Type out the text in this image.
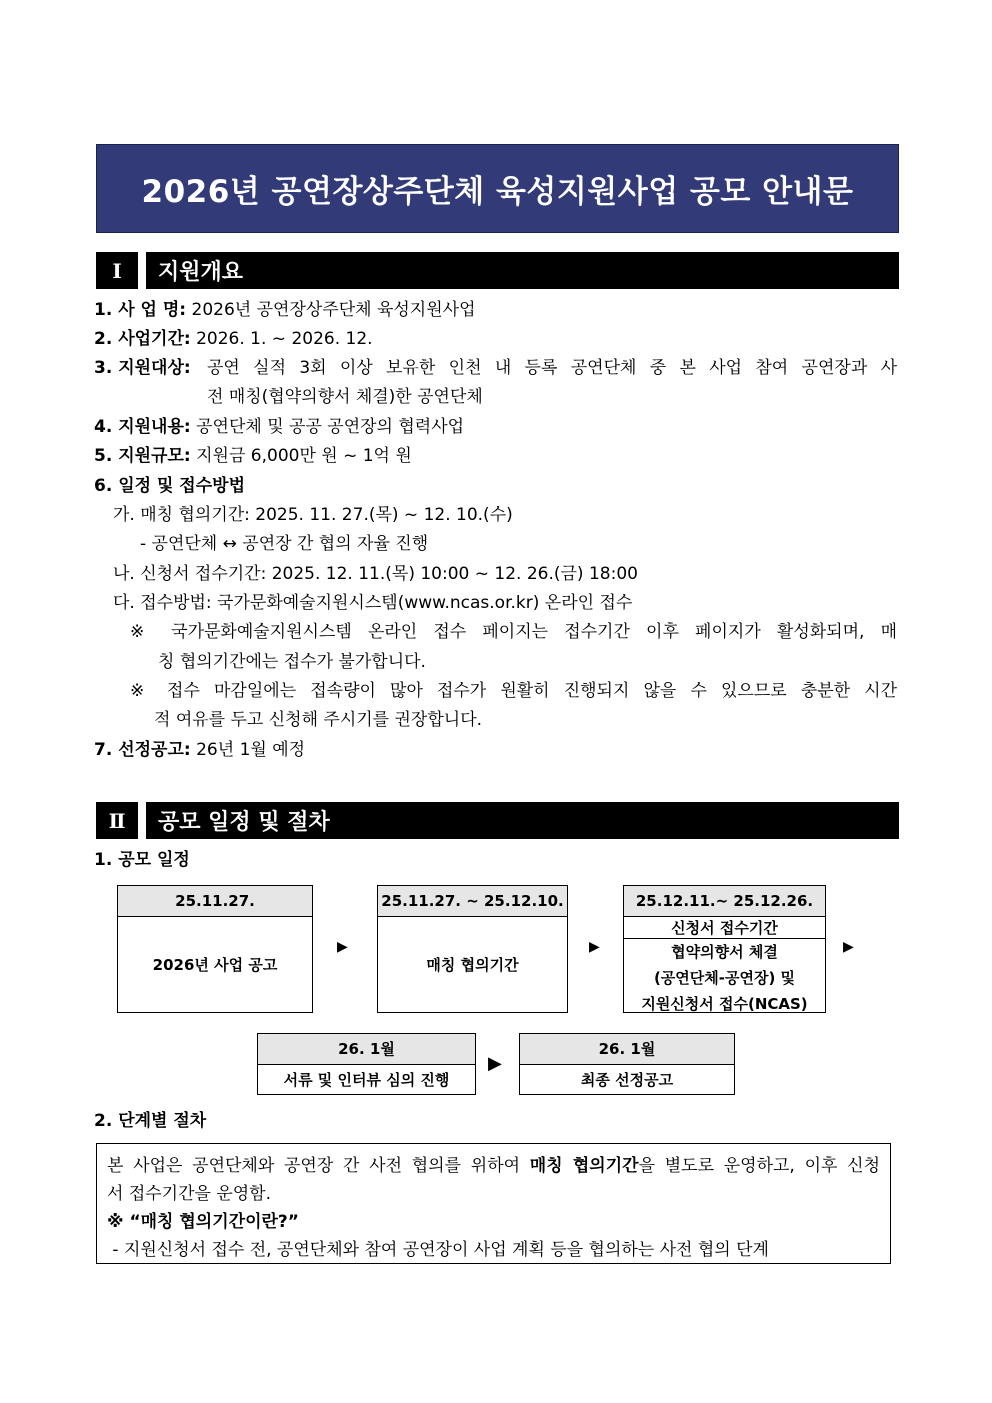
2026년 공연장상주단체 육성지원사업 공모 안내문
Ⅰ	지원개요
1. 사 업 명: 2026년 공연장상주단체 육성지원사업
2. 사업기간: 2026. 1. ~ 2026. 12.
3. 지원대상: 공연 실적 3회 이상 보유한 인천 내 등록 공연단체 중 본 사업 참여 공연장과 사
전 매칭(협약의향서 체결)한 공연단체
4. 지원내용: 공연단체 및 공공 공연장의 협력사업
5. 지원규모: 지원금 6,000만 원 ~ 1억 원
6. 일정 및 접수방법
가. 매칭 협의기간: 2025. 11. 27.(목) ~ 12. 10.(수)
- 공연단체 ↔ 공연장 간 협의 자율 진행
나. 신청서 접수기간: 2025. 12. 11.(목) 10:00 ~ 12. 26.(금) 18:00
다. 접수방법: 국가문화예술지원시스템(www.ncas.or.kr) 온라인 접수
※ 국가문화예술지원시스템 온라인 접수 페이지는 접수기간 이후 페이지가 활성화되며, 매
칭 협의기간에는 접수가 불가합니다.
※ 접수 마감일에는 접속량이 많아 접수가 원활히 진행되지 않을 수 있으므로 충분한 시간
적 여유를 두고 신청해 주시기를 권장합니다.
7. 선정공고: 26년 1월 예정
Ⅱ	공모 일정 및 절차
1. 공모 일정
25.11.27.
2026년 사업 공고
▶
25.11.27. ~ 25.12.10.
매칭 협의기간
▶
25.12.11.~ 25.12.26.
신청서 접수기간
협약의향서 체결
(공연단체-공연장) 및
지원신청서 접수(NCAS)
▶
26. 1월
서류 및 인터뷰 심의 진행
▶
26. 1월
최종 선정공고
2. 단계별 절차
본 사업은 공연단체와 공연장 간 사전 협의를 위하여 매칭 협의기간을 별도로 운영하고, 이후 신청
서 접수기간을 운영함.
※ “매칭 협의기간이란?”
- 지원신청서 접수 전, 공연단체와 참여 공연장이 사업 계획 등을 협의하는 사전 협의 단계
